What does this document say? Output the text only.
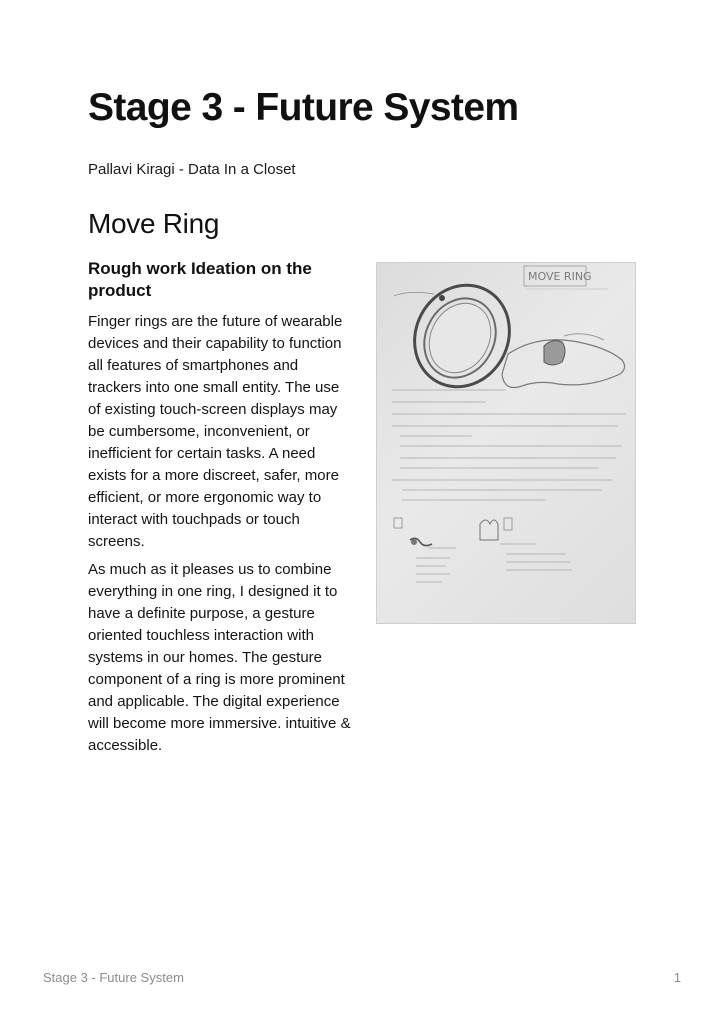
Stage 3 - Future System

Pallavi Kiragi - Data In a Closet

Move Ring
Rough work Ideation on the product

Finger rings are the future of wearable devices and their capability to function all features of smartphones and trackers into one small entity. The use of existing touch-screen displays may be cumbersome, inconvenient, or inefficient for certain tasks. A need exists for a more discreet, safer, more efficient, or more ergonomic way to interact with touchpads or touch screens.

As much as it pleases us to combine everything in one ring, I designed it to have a definite purpose, a gesture oriented touchless interaction with systems in our homes. The gesture component of a ring is more prominent and applicable. The digital experience will become more immersive. intuitive & accessible.

MOVE RING

Stage 3 - Future System	1
